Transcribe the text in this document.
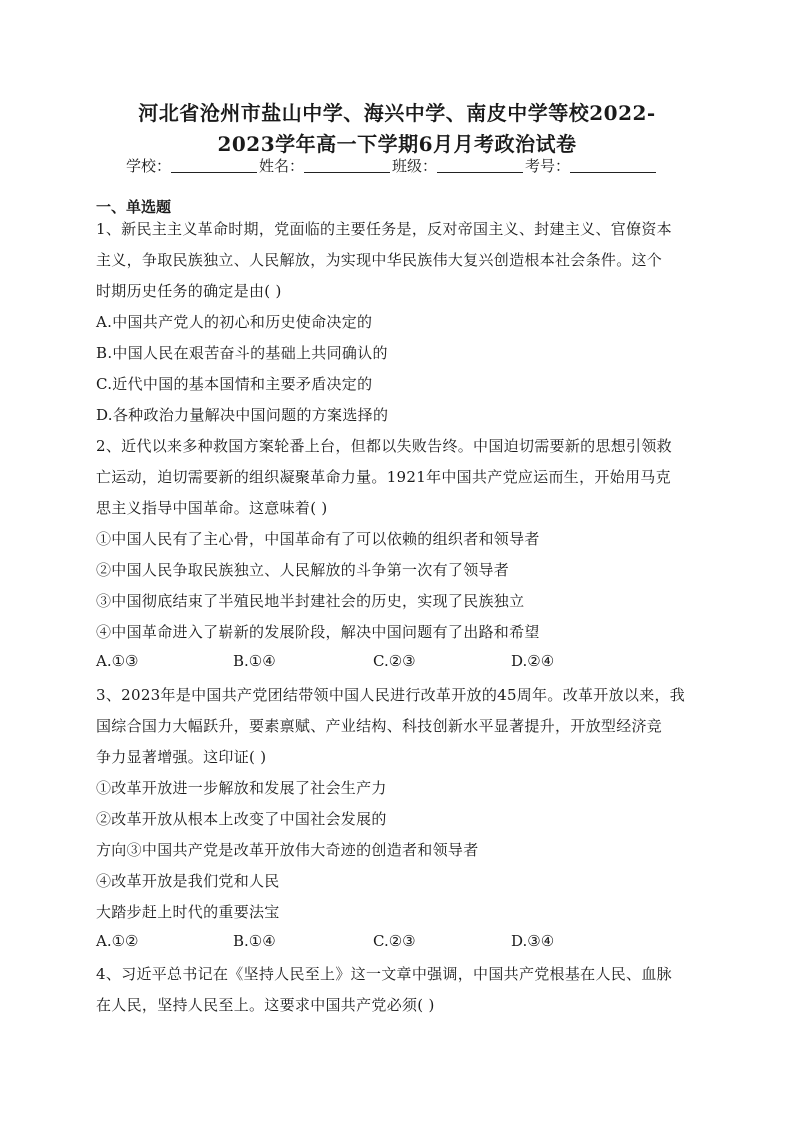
河北省沧州市盐山中学、海兴中学、南皮中学等校2022-
2023学年高一下学期6月月考政治试卷
学校：	姓名：	班级：	考号：
一、单选题
1、新民主主义革命时期，党面临的主要任务是，反对帝国主义、封建主义、官僚资本
主义，争取民族独立、人民解放，为实现中华民族伟大复兴创造根本社会条件。这个
时期历史任务的确定是由( )
A.中国共产党人的初心和历史使命决定的
B.中国人民在艰苦奋斗的基础上共同确认的
C.近代中国的基本国情和主要矛盾决定的
D.各种政治力量解决中国问题的方案选择的
2、近代以来多种救国方案轮番上台，但都以失败告终。中国迫切需要新的思想引领救
亡运动，迫切需要新的组织凝聚革命力量。1921年中国共产党应运而生，开始用马克
思主义指导中国革命。这意味着( )
①中国人民有了主心骨，中国革命有了可以依赖的组织者和领导者
②中国人民争取民族独立、人民解放的斗争第一次有了领导者
③中国彻底结束了半殖民地半封建社会的历史，实现了民族独立
④中国革命进入了崭新的发展阶段，解决中国问题有了出路和希望
A.①③	B.①④	C.②③	D.②④
3、2023年是中国共产党团结带领中国人民进行改革开放的45周年。改革开放以来，我
国综合国力大幅跃升，要素禀赋、产业结构、科技创新水平显著提升，开放型经济竞
争力显著增强。这印证( )
①改革开放进一步解放和发展了社会生产力
②改革开放从根本上改变了中国社会发展的
方向③中国共产党是改革开放伟大奇迹的创造者和领导者
④改革开放是我们党和人民
大踏步赶上时代的重要法宝
A.①②	B.①④	C.②③	D.③④
4、习近平总书记在《坚持人民至上》这一文章中强调，中国共产党根基在人民、血脉
在人民，坚持人民至上。这要求中国共产党必须( )
